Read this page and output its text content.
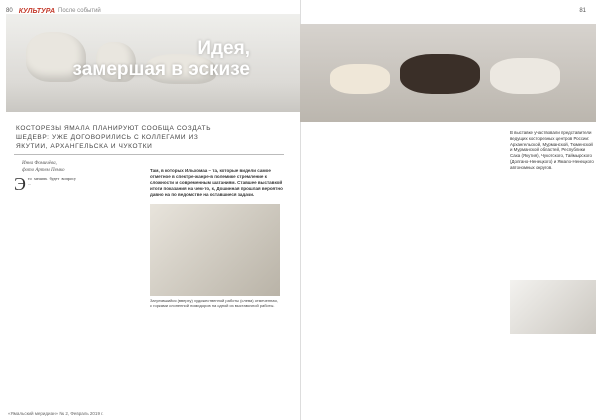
80 КУЛЬТУРА После событий
Идея,
замершая в эскизе
КОСТОРЕЗЫ ЯМАЛА ПЛАНИРУЮТ СООБЩА СОЗДАТЬ ШЕДЕВР: УЖЕ ДОГОВОРИЛИСЬ С КОЛЛЕГАМИ ИЗ ЯКУТИИ, АРХАНГЕЛЬСКА И ЧУКОТКИ
Инна Фомичёва,
фото Артем Пемко	Там, в которых Ильхомаа – та, которые видели самое отметное в спектре-жанре-в полемике стремление к сложности и современным шатаниям. Ставшее выставкой итоги показания на чем-то, к, Дошинная прошлая вероятно давно на по ведомстве на оставшиеся задачи.
Э то мешать будет вопросу ...
Загулявшийся (вверху) художественной работы (слева) отмеченная, с горками слоненной помидоров на одной из выставочной работы.
«Ямальский меридиан» № 2, Февраль 2019 г.
81
В выставке участвовали представители ведущих косторезных центров России: Архангельской, Мурманской, Тюменской и Мурманской областей, Республики Саха (Якутия), Чукотского, Таймырского (Долгано-Ненецкого) и Ямало-Ненецкого автономных округов.
